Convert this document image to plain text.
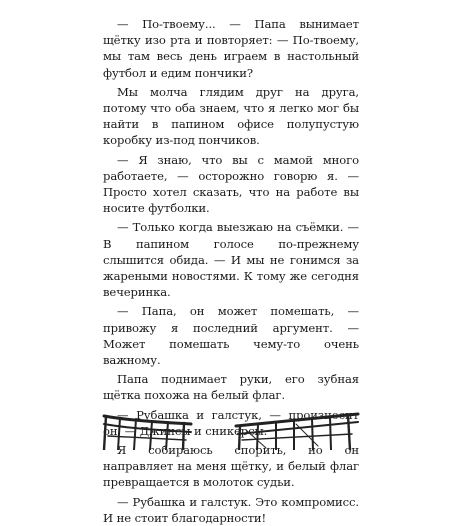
— По-твоему... — Папа вынимает щётку изо рта и повторяет: — По-твоему, мы там весь день играем в настольный футбол и едим пончики?

Мы молча глядим друг на друга, потому что оба знаем, что я легко мог бы найти в папином офисе полупустую коробку из-под пончиков.

— Я знаю, что вы с мамой много работаете, — осторожно говорю я. — Просто хотел сказать, что на работе вы носите футболки.

— Только когда выезжаю на съёмки. — В папином голосе по-прежнему слышится обида. — И мы не гонимся за жареными новостями. К тому же сегодня вечеринка.

— Папа, он может помешать, — привожу я последний аргумент. — Может помешать чему-то очень важному.

Папа поднимает руки, его зубная щётка похожа на белый флаг.

— Рубашка и галстук, — произносит он. — Джинсы и сникерсы.

Я собираюсь спорить, но он направляет на меня щётку, и белый флаг превращается в молоток судьи.

— Рубашка и галстук. Это компромисс. И не стоит благодарности!
